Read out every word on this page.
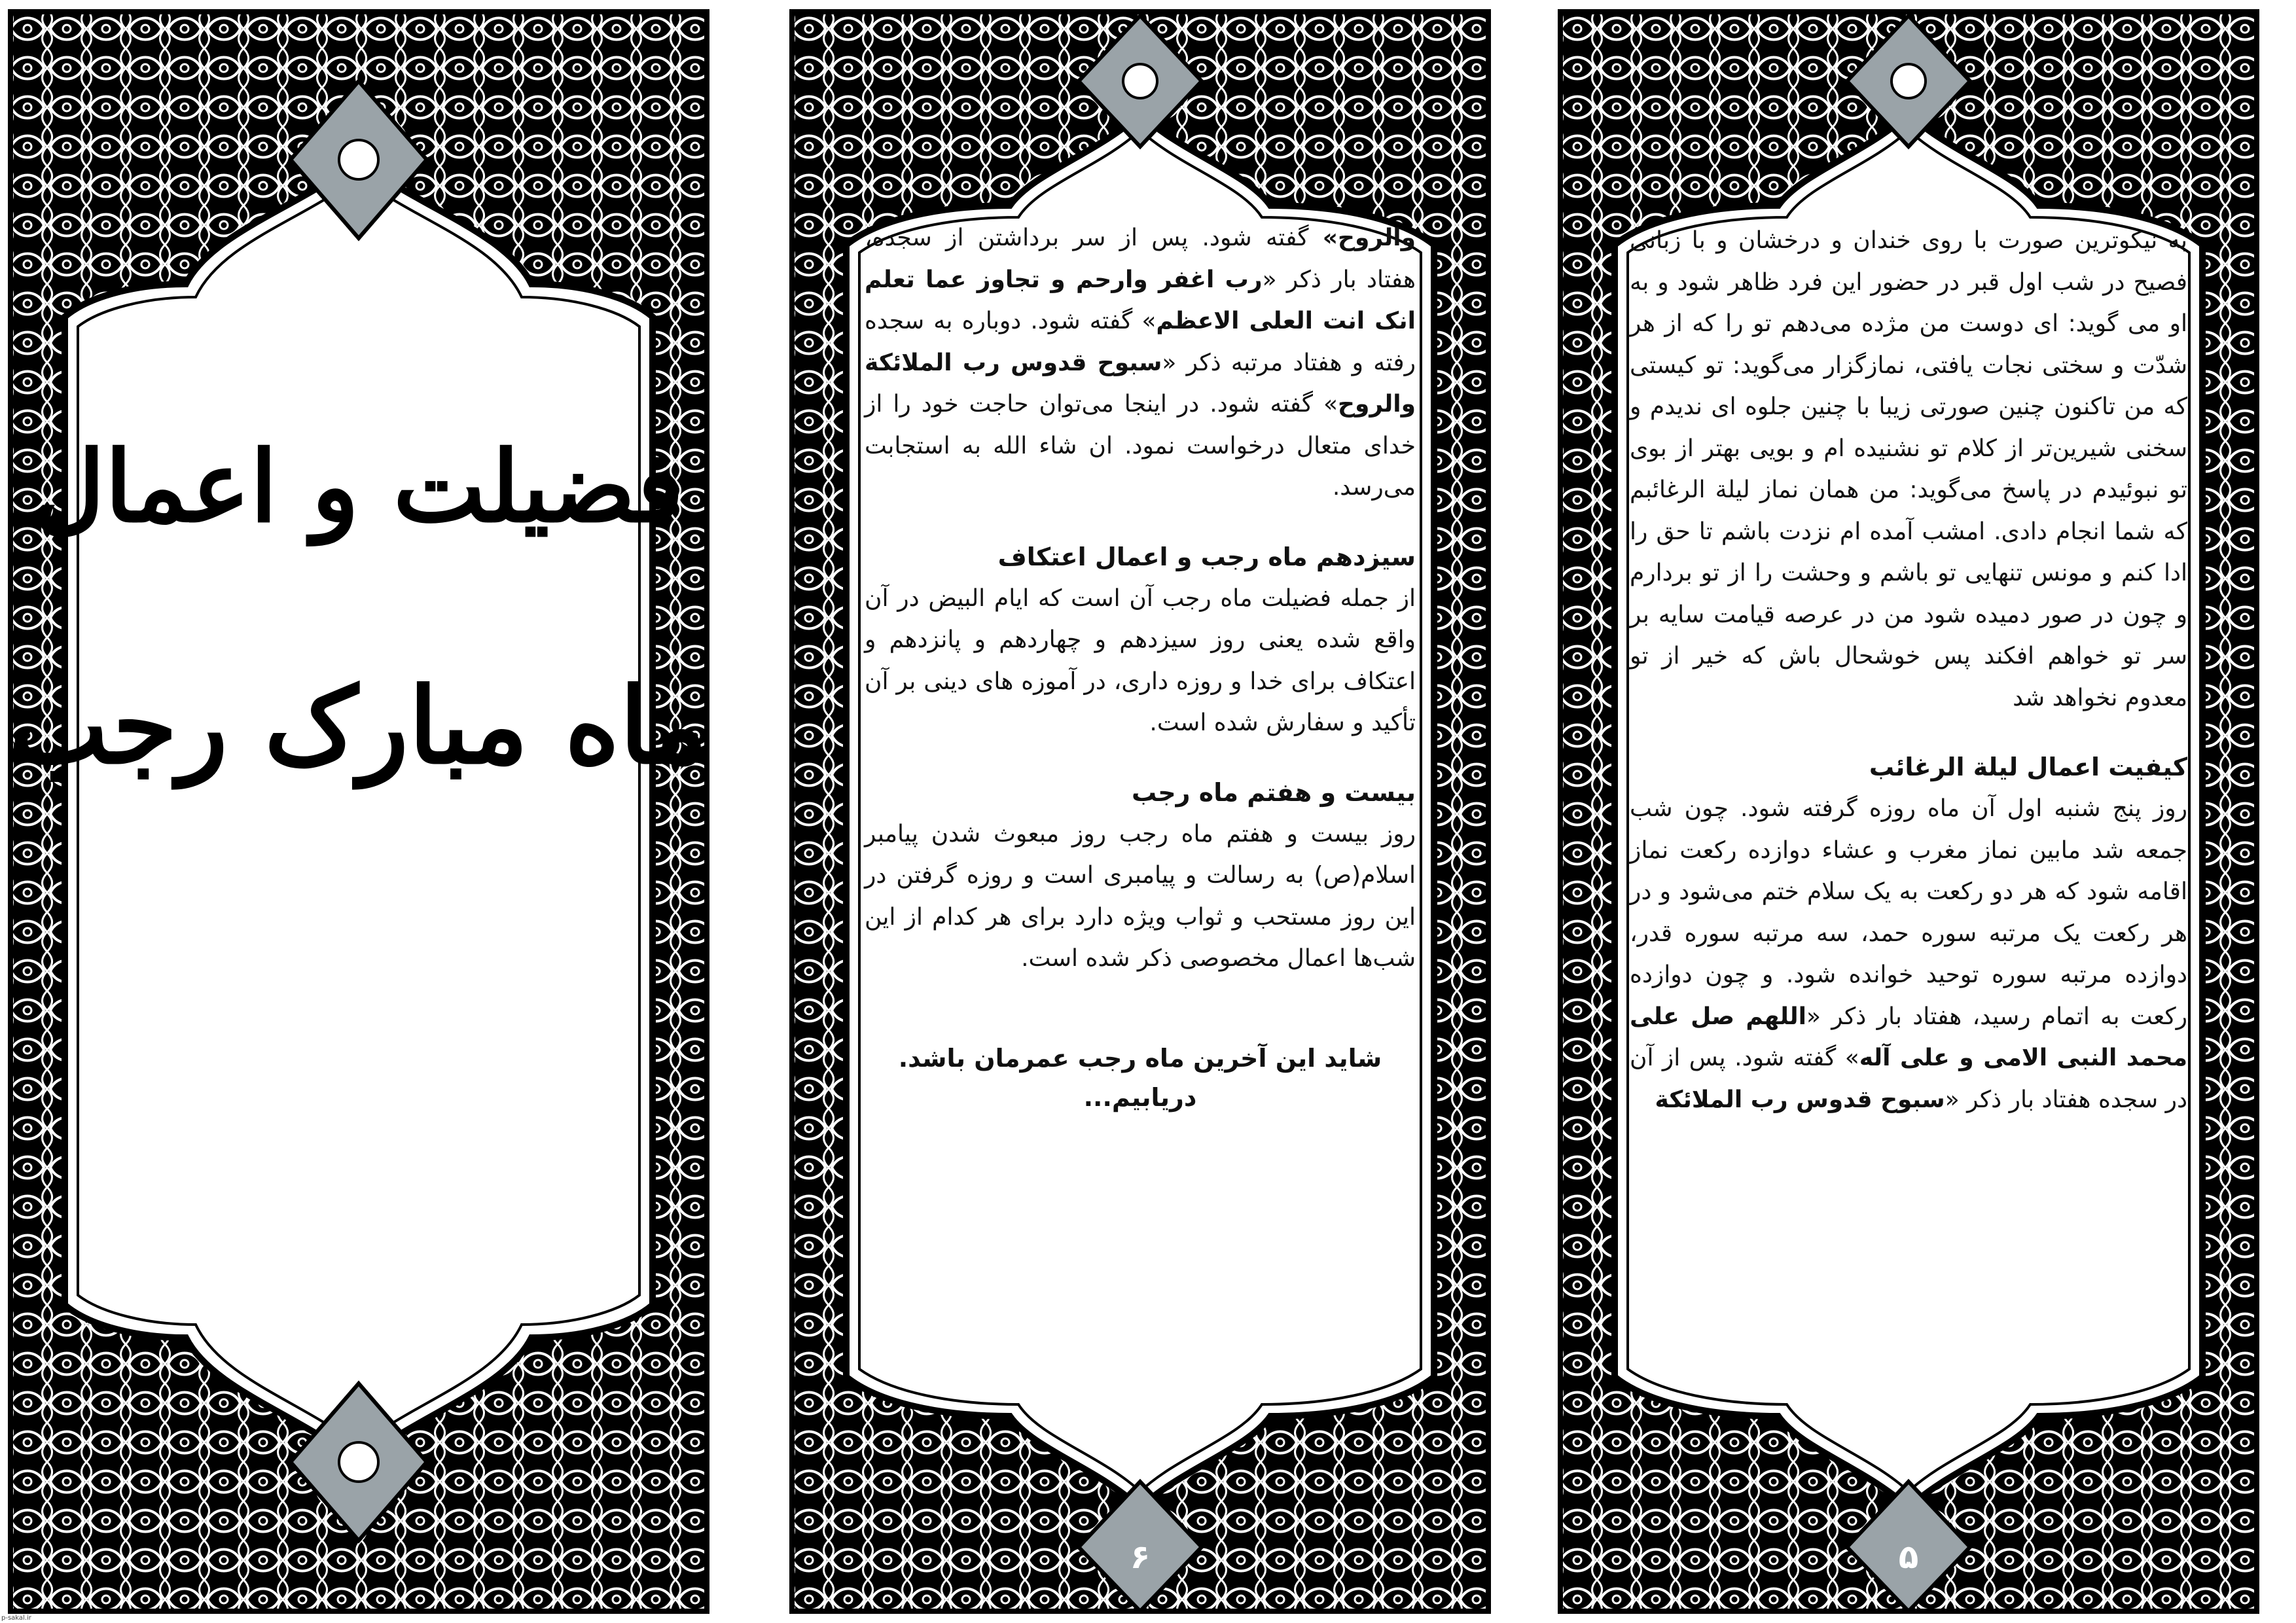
فضیلت و اعمال
ماه مبارک رجب

والروح» گفته شود. پس از سر برداشتن از سجده، هفتاد بار ذکر «رب اغفر وارحم و تجاوز عما تعلم انک انت العلی الاعظم» گفته شود. دوباره به سجده رفته و هفتاد مرتبه ذکر «سبوح قدوس رب الملائکة والروح» گفته شود. در اینجا می‌توان حاجت خود را از خدای متعال درخواست نمود. ان شاء الله به استجابت می‌رسد.

سیزدهم ماه رجب و اعمال اعتکاف

از جمله فضیلت ماه رجب آن است که ایام البیض در آن واقع شده یعنی روز سیزدهم و چهاردهم و پانزدهم و اعتکاف برای خدا و روزه داری، در آموزه های دینی بر آن تأکید و سفارش شده است.

بیست و هفتم ماه رجب

روز بیست و هفتم ماه رجب روز مبعوث شدن پیامبر اسلام(ص) به رسالت و پیامبری است و روزه گرفتن در این روز مستحب و ثواب ویژه دارد برای هر کدام از این شب‌ها اعمال مخصوصی ذکر شده است.

شاید این آخرین ماه رجب عمرمان باشد.

دریابیم...

۶

به نیکوترین صورت با روی خندان و درخشان و با زبانی فصیح در شب اول قبر در حضور این فرد ظاهر شود و به او می گوید: ای دوست من مژده می‌دهم تو را که از هر شدّت و سختی نجات یافتی، نمازگزار می‌گوید: تو کیستی که من تاکنون چنین صورتی زیبا با چنین جلوه ای ندیدم و سخنی شیرین‌تر از کلام تو نشنیده ام و بویی بهتر از بوی تو نبوئیدم در پاسخ می‌گوید: من همان نماز لیلة الرغائبم که شما انجام دادی. امشب آمده ام نزدت باشم تا حق را ادا کنم و مونس تنهایی تو باشم و وحشت را از تو بردارم و چون در صور دمیده شود من در عرصه قیامت سایه بر سر تو خواهم افکند پس خوشحال باش که خیر از تو معدوم نخواهد شد

کیفیت اعمال لیلة الرغائب

روز پنج شنبه اول آن ماه روزه گرفته شود. چون شب جمعه شد مابین نماز مغرب و عشاء دوازده رکعت نماز اقامه شود که هر دو رکعت به یک سلام ختم می‌شود و در هر رکعت یک مرتبه سوره حمد، سه مرتبه سوره قدر، دوازده مرتبه سوره توحید خوانده شود. و چون دوازده رکعت به اتمام رسید، هفتاد بار ذکر «اللهم صل علی محمد النبی الامی و علی آله» گفته شود. پس از آن در سجده هفتاد بار ذکر «سبوح قدوس رب الملائکة

۵
p-sakal.ir
